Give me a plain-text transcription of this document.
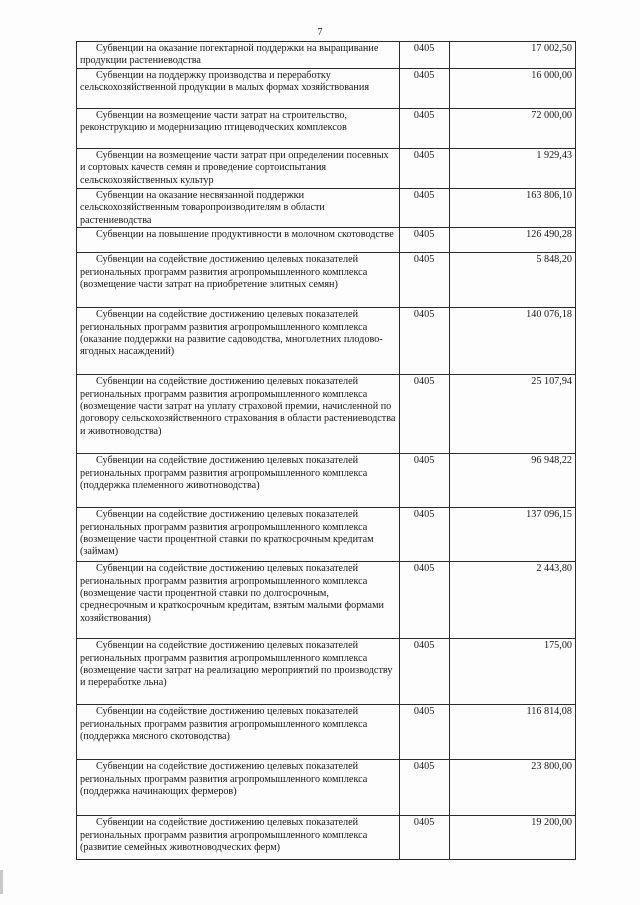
7
Субвенции на оказание погектарной поддержки на выращивание продукции растениеводства	0405	17 002,50

Субвенции на поддержку производства и переработку сельскохозяйственной продукции в малых формах хозяйствования	0405	16 000,00

Субвенции на возмещение части затрат на строительство, реконструкцию и модернизацию птицеводческих комплексов	0405	72 000,00

Субвенции на возмещение части затрат при определении посевных и сортовых качеств семян и проведение сортоиспытания сельскохозяйственных культур	0405	1 929,43

Субвенции на оказание несвязанной поддержки сельскохозяйственным товаропроизводителям в области растениеводства	0405	163 806,10

Субвенции на повышение продуктивности в молочном скотоводстве	0405	126 490,28

Субвенции на содействие достижению целевых показателей региональных программ развития агропромышленного комплекса (возмещение части затрат на приобретение элитных семян)	0405	5 848,20

Субвенции на содействие достижению целевых показателей региональных программ развития агропромышленного комплекса (оказание поддержки на развитие садоводства, многолетних плодово-ягодных насаждений)	0405	140 076,18

Субвенции на содействие достижению целевых показателей региональных программ развития агропромышленного комплекса (возмещение части затрат на уплату страховой премии, начисленной по договору сельскохозяйственного страхования в области растениеводства и животноводства)	0405	25 107,94

Субвенции на содействие достижению целевых показателей региональных программ развития агропромышленного комплекса (поддержка племенного животноводства)	0405	96 948,22

Субвенции на содействие достижению целевых показателей региональных программ развития агропромышленного комплекса (возмещение части процентной ставки по краткосрочным кредитам (займам)	0405	137 096,15

Субвенции на содействие достижению целевых показателей региональных программ развития агропромышленного комплекса (возмещение части процентной ставки по долгосрочным, среднесрочным и краткосрочным кредитам, взятым малыми формами хозяйствования)	0405	2 443,80

Субвенции на содействие достижению целевых показателей региональных программ развития агропромышленного комплекса (возмещение части затрат на реализацию мероприятий по производству и переработке льна)	0405	175,00

Субвенции на содействие достижению целевых показателей региональных программ развития агропромышленного комплекса (поддержка мясного скотоводства)	0405	116 814,08

Субвенции на содействие достижению целевых показателей региональных программ развития агропромышленного комплекса (поддержка начинающих фермеров)	0405	23 800,00

Субвенции на содействие достижению целевых показателей региональных программ развития агропромышленного комплекса (развитие семейных животноводческих ферм)	0405	19 200,00
